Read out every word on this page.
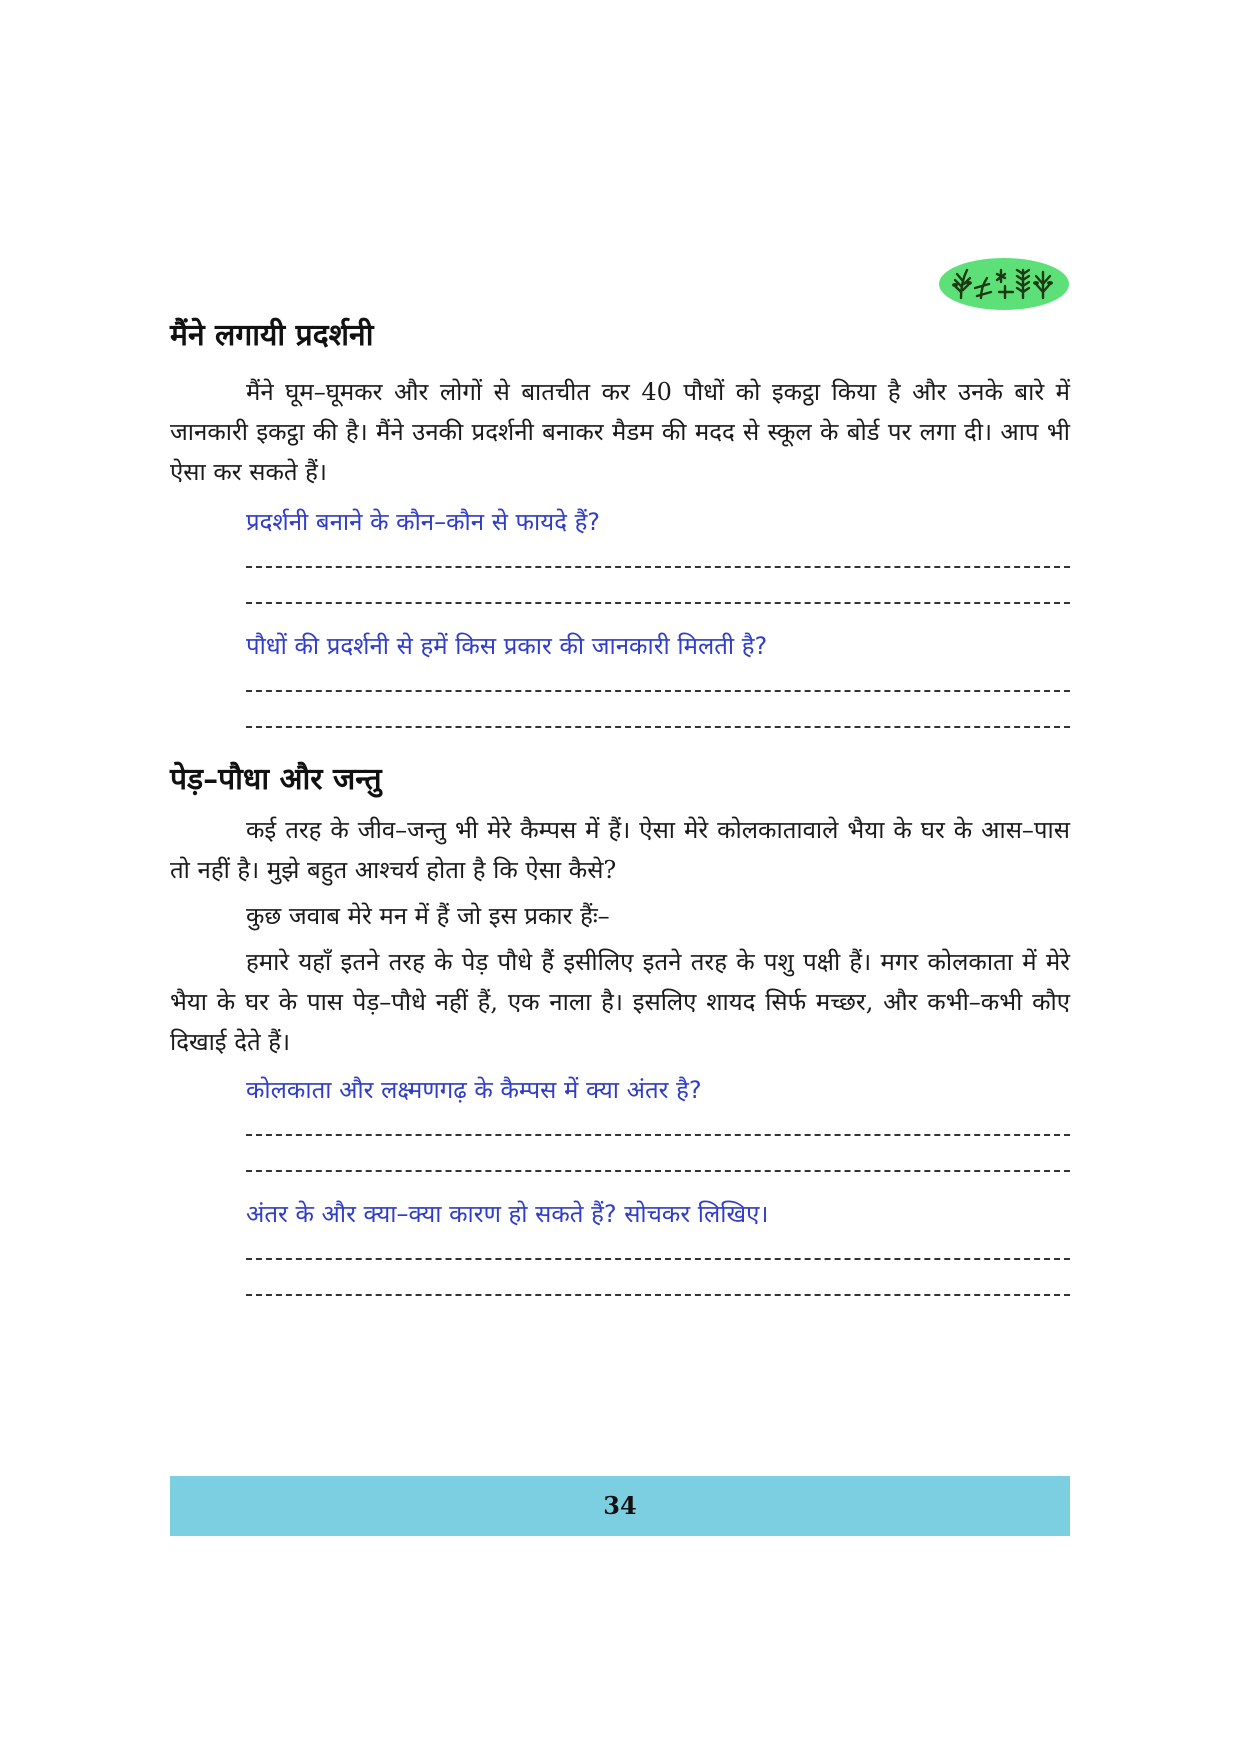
मैंने लगायी प्रदर्शनी

मैंने घूम–घूमकर और लोगों से बातचीत कर 40 पौधों को इकट्ठा किया है और उनके बारे में जानकारी इकट्ठा की है। मैंने उनकी प्रदर्शनी बनाकर मैडम की मदद से स्कूल के बोर्ड पर लगा दी। आप भी ऐसा कर सकते हैं।

प्रदर्शनी बनाने के कौन–कौन से फायदे हैं?
पौधों की प्रदर्शनी से हमें किस प्रकार की जानकारी मिलती है?
पेड़–पौधा और जन्तु

कई तरह के जीव–जन्तु भी मेरे कैम्पस में हैं। ऐसा मेरे कोलकातावाले भैया के घर के आस–पास तो नहीं है। मुझे बहुत आश्चर्य होता है कि ऐसा कैसे?

कुछ जवाब मेरे मन में हैं जो इस प्रकार हैंः–

हमारे यहाँ इतने तरह के पेड़ पौधे हैं इसीलिए इतने तरह के पशु पक्षी हैं। मगर कोलकाता में मेरे भैया के घर के पास पेड़–पौधे नहीं हैं, एक नाला है। इसलिए शायद सिर्फ मच्छर, और कभी–कभी कौए दिखाई देते हैं।

कोलकाता और लक्ष्मणगढ़ के कैम्पस में क्या अंतर है?
अंतर के और क्या–क्या कारण हो सकते हैं? सोचकर लिखिए।
34
